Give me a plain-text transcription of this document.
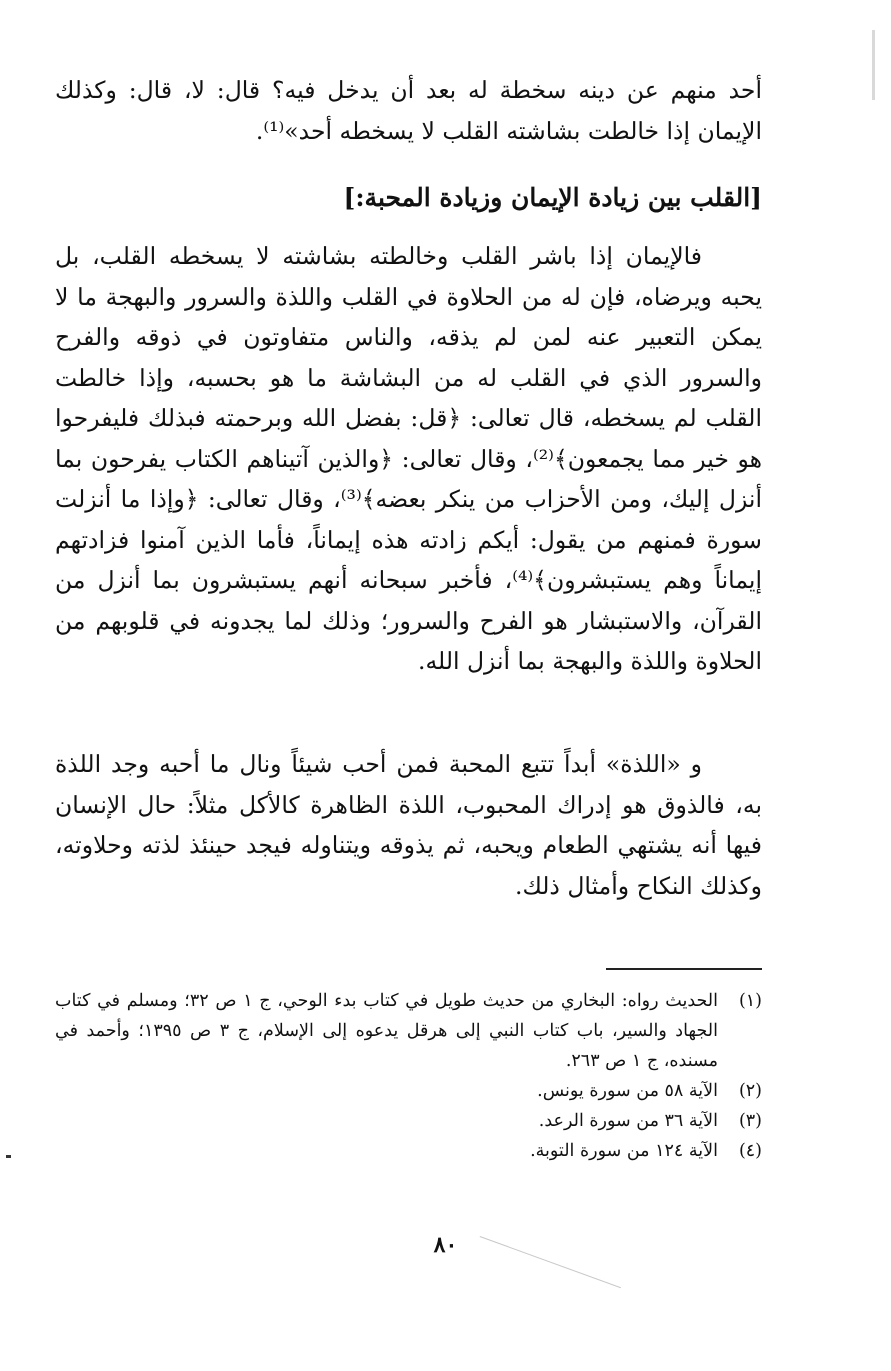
أحد منهم عن دينه سخطة له بعد أن يدخل فيه؟ قال: لا، قال: وكذلك الإيمان إذا خالطت بشاشته القلب لا يسخطه أحد»⁽¹⁾.

[القلب بين زيادة الإيمان وزيادة المحبة:]

فالإيمان إذا باشر القلب وخالطته بشاشته لا يسخطه القلب، بل يحبه ويرضاه، فإن له من الحلاوة في القلب واللذة والسرور والبهجة ما لا يمكن التعبير عنه لمن لم يذقه، والناس متفاوتون في ذوقه والفرح والسرور الذي في القلب له من البشاشة ما هو بحسبه، وإذا خالطت القلب لم يسخطه، قال تعالى: ﴿قل: بفضل الله وبرحمته فبذلك فليفرحوا هو خير مما يجمعون﴾⁽²⁾، وقال تعالى: ﴿والذين آتيناهم الكتاب يفرحون بما أنزل إليك، ومن الأحزاب من ينكر بعضه﴾⁽³⁾، وقال تعالى: ﴿وإذا ما أنزلت سورة فمنهم من يقول: أيكم زادته هذه إيماناً، فأما الذين آمنوا فزادتهم إيماناً وهم يستبشرون﴾⁽⁴⁾، فأخبر سبحانه أنهم يستبشرون بما أنزل من القرآن، والاستبشار هو الفرح والسرور؛ وذلك لما يجدونه في قلوبهم من الحلاوة واللذة والبهجة بما أنزل الله.

و «اللذة» أبداً تتبع المحبة فمن أحب شيئاً ونال ما أحبه وجد اللذة به، فالذوق هو إدراك المحبوب، اللذة الظاهرة كالأكل مثلاً: حال الإنسان فيها أنه يشتهي الطعام ويحبه، ثم يذوقه ويتناوله فيجد حينئذ لذته وحلاوته، وكذلك النكاح وأمثال ذلك.

(١)
الحديث رواه: البخاري من حديث طويل في كتاب بدء الوحي، ج ١ ص ٣٢؛ ومسلم في كتاب الجهاد والسير، باب كتاب النبي إلى هرقل يدعوه إلى الإسلام، ج ٣ ص ١٣٩٥؛ وأحمد في مسنده، ج ١ ص ٢٦٣.
(٢)
الآية ٥٨ من سورة يونس.
(٣)
الآية ٣٦ من سورة الرعد.
(٤)
الآية ١٢٤ من سورة التوبة.
٨٠
